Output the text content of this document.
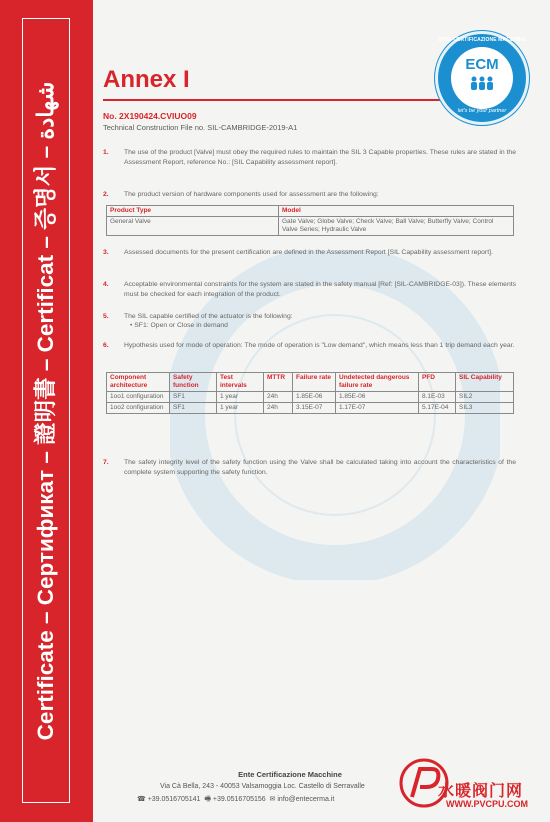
Certificate – Сертификат – 證明書 – Certificat – 증명서 – شهادة
Annex I
ENTE CERTIFICAZIONE MACCHINE
ECM
let's be your partner
No. 2X190424.CVIUO09
Technical Construction File no. SIL-CAMBRIDGE-2019-A1
1. The use of the product [Valve] must obey the required rules to maintain the SIL 3 Capable properties. These rules are stated in the Assessment Report, reference No.: [SIL Capability assessment report].
2. The product version of hardware components used for assessment are the following:
Product Type	Model
General Valve	Gate Valve; Globe Valve; Check Valve; Ball Valve; Butterfly Valve; Control Valve Series; Hydraulic Valve
3. Assessed documents for the present certification are defined in the Assessment Report [SIL Capability assessment report].
4. Acceptable environmental constraints for the system are stated in the safety manual [Ref: [SIL-CAMBRIDGE-03]). These elements must be checked for each integration of the product.
5. The SIL capable certified of the actuator is the following:
• SF1: Open or Close in demand
6. Hypothesis used for mode of operation: The mode of operation is "Low demand", which means less than 1 trip demand each year.
Component architecture	Safety function	Test intervals	MTTR	Failure rate	Undetected dangerous failure rate	PFD	SIL Capability
1oo1 configuration	SF1	1 year	24h	1.85E-06	1.85E-06	8.1E-03	SIL2
1oo2 configuration	SF1	1 year	24h	3.15E-07	1.17E-07	5.17E-04	SIL3
7. The safety integrity level of the safety function using the Valve shall be calculated taking into account the characteristics of the complete system supporting the safety function.
Ente Certificazione Macchine
Via Cà Bella, 243 - 40053 Valsamoggia Loc. Castello di Serravalle
☎ +39.0516705141  🖷 +39.0516705156  ✉ info@entecerma.it	水暖阀门网
WWW.PVCPU.COM
